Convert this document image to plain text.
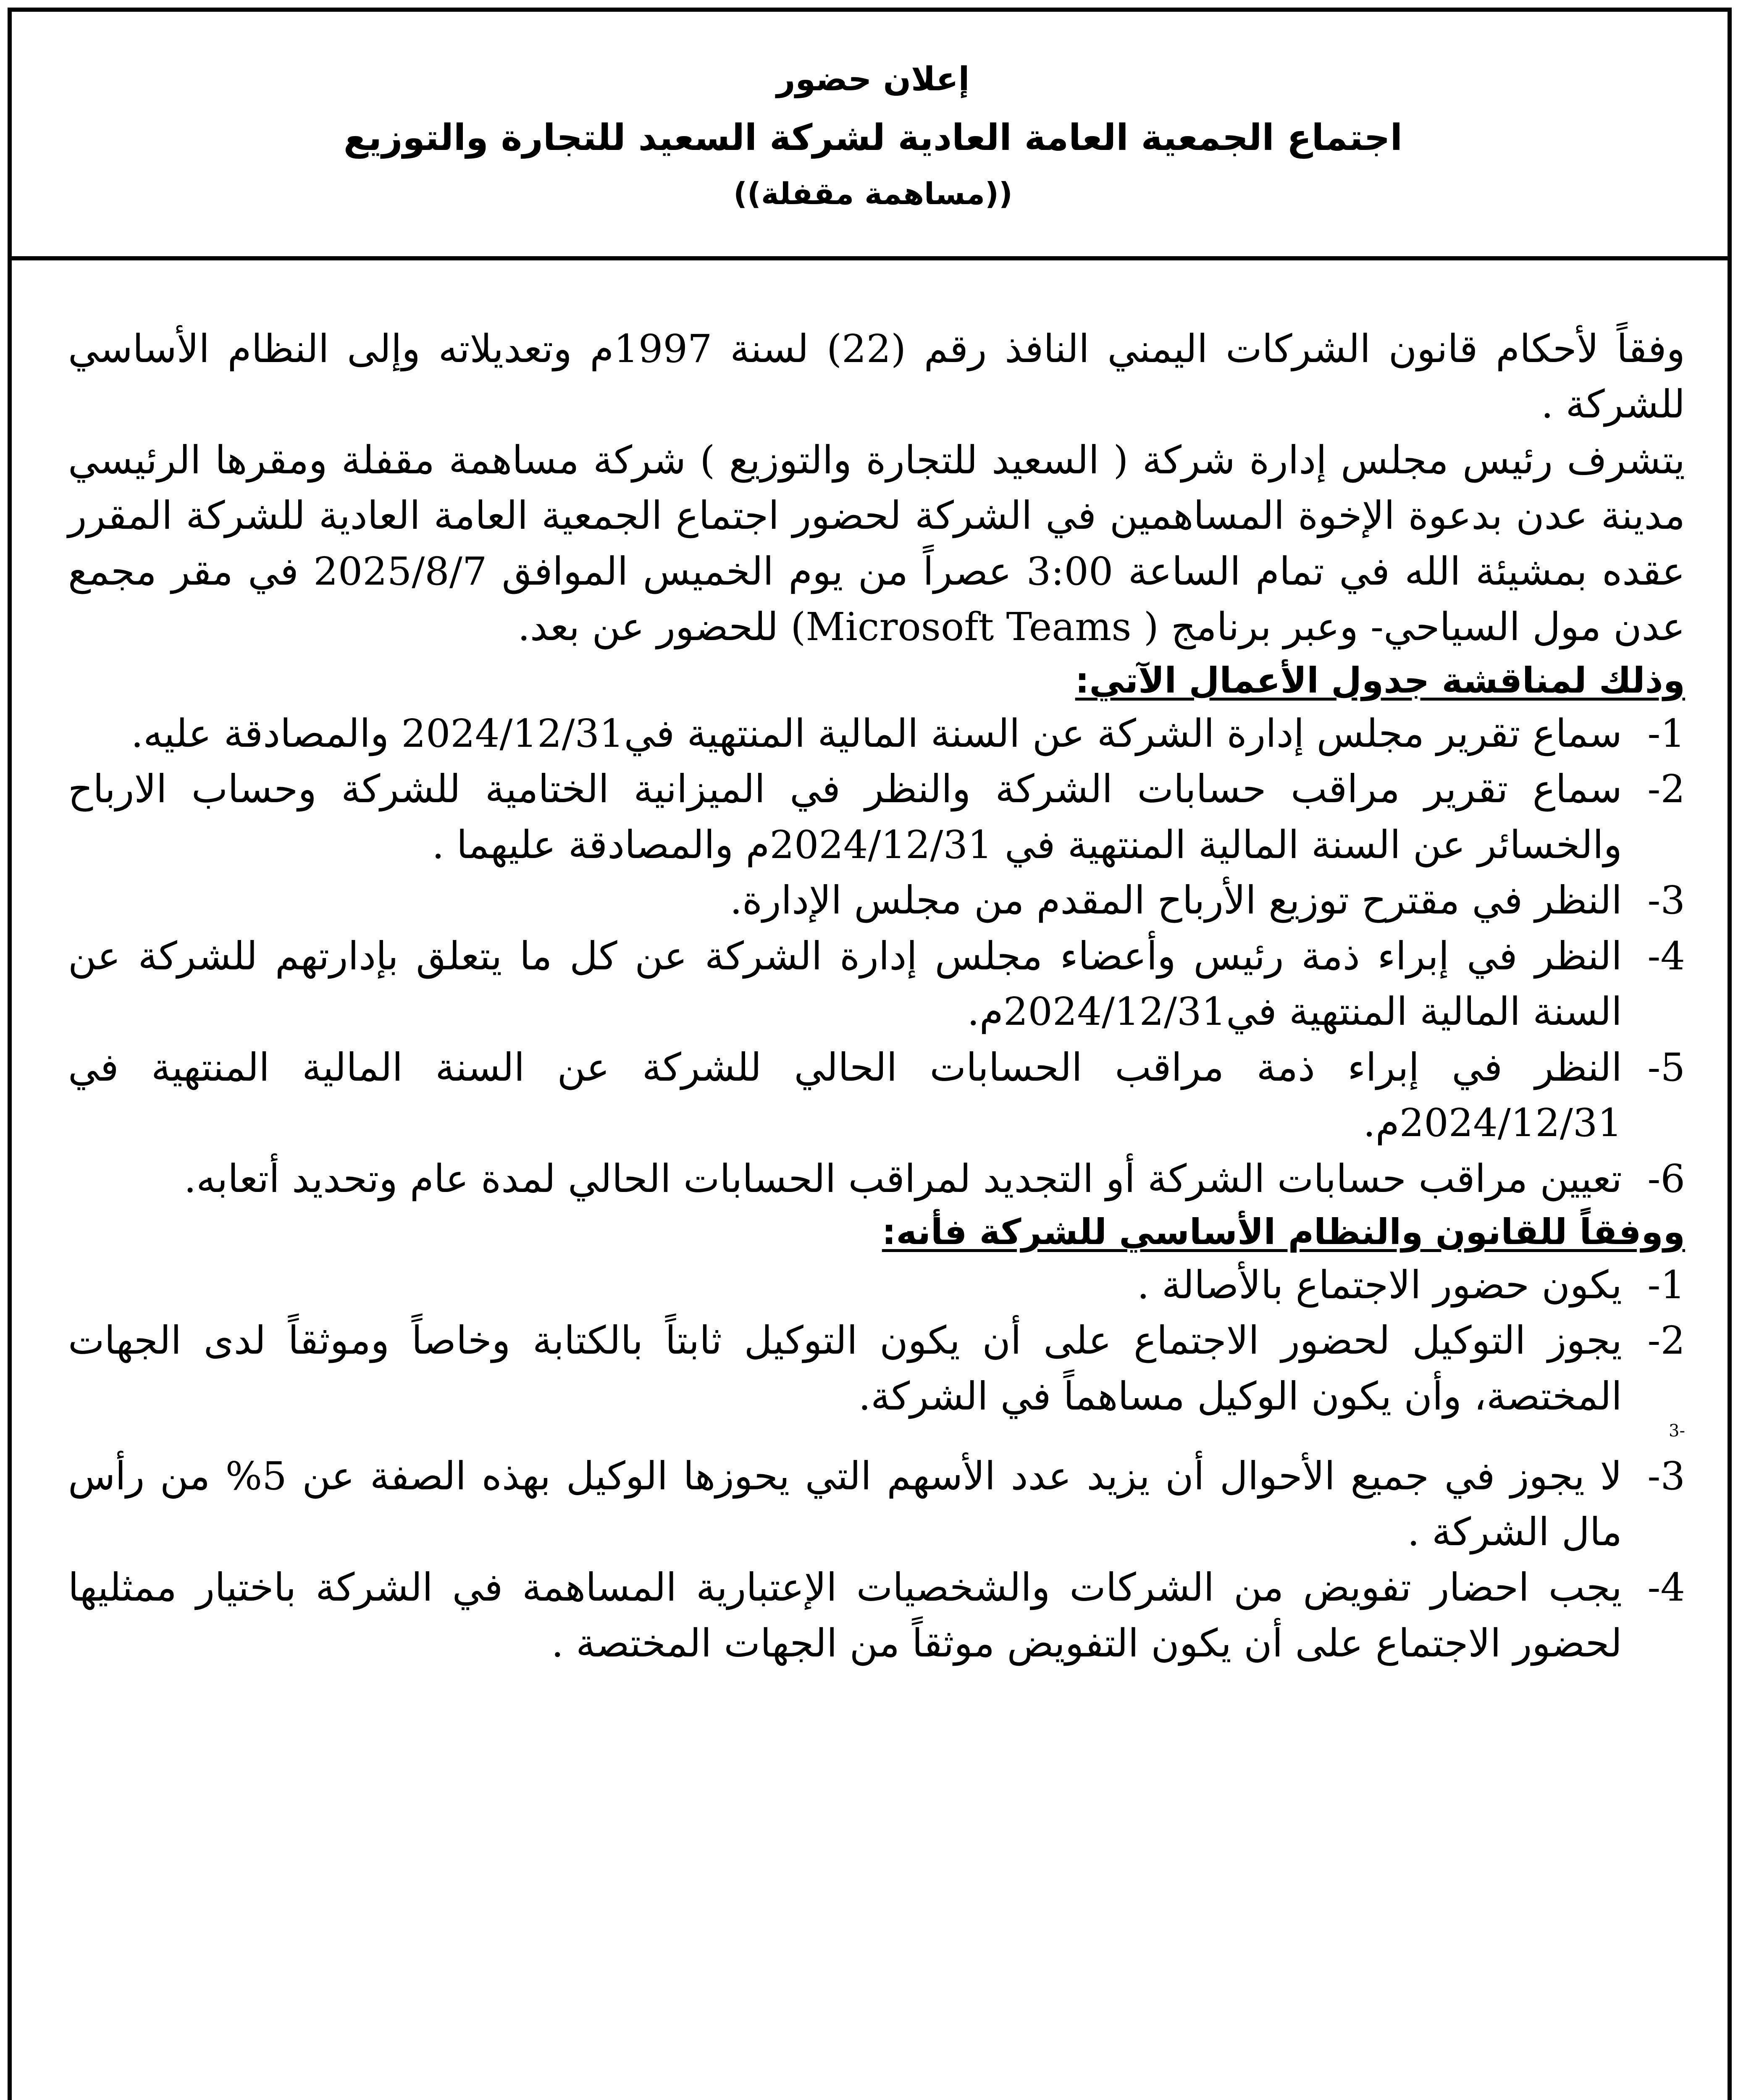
إعلان حضور
اجتماع الجمعية العامة العادية لشركة السعيد للتجارة والتوزيع
((مساهمة مقفلة))

وفقاً لأحكام قانون الشركات اليمني النافذ رقم (22) لسنة 1997م وتعديلاته وإلى النظام الأساسي للشركة .

يتشرف رئيس مجلس إدارة شركة ( السعيد للتجارة والتوزيع ) شركة مساهمة مقفلة ومقرها الرئيسي مدينة عدن بدعوة الإخوة المساهمين في الشركة لحضور اجتماع الجمعية العامة العادية للشركة المقرر عقده بمشيئة الله في تمام الساعة 3:00 عصراً من يوم الخميس الموافق 2025/8/7 في مقر مجمع عدن مول السياحي- وعبر برنامج ( Microsoft Teams) للحضور عن بعد.

وذلك لمناقشة جدول الأعمال الآتي:
-1
سماع تقرير مجلس إدارة الشركة عن السنة المالية المنتهية في2024/12/31 والمصادقة عليه.
-2
سماع تقرير مراقب حسابات الشركة والنظر في الميزانية الختامية للشركة وحساب الارباح والخسائر عن السنة المالية المنتهية في 2024/12/31م والمصادقة عليهما .
-3
النظر في مقترح توزيع الأرباح المقدم من مجلس الإدارة.
-4
النظر في إبراء ذمة رئيس وأعضاء مجلس إدارة الشركة عن كل ما يتعلق بإدارتهم للشركة عن السنة المالية المنتهية في2024/12/31م.
-5
النظر في إبراء ذمة مراقب الحسابات الحالي للشركة عن السنة المالية المنتهية في 2024/12/31م.
-6
تعيين مراقب حسابات الشركة أو التجديد لمراقب الحسابات الحالي لمدة عام وتحديد أتعابه.
ووفقاً للقانون والنظام الأساسي للشركة فأنه:
-1
يكون حضور الاجتماع بالأصالة .
-2
يجوز التوكيل لحضور الاجتماع على أن يكون التوكيل ثابتاً بالكتابة وخاصاً وموثقاً لدى الجهات المختصة، وأن يكون الوكيل مساهماً في الشركة.
-3
-3
لا يجوز في جميع الأحوال أن يزيد عدد الأسهم التي يحوزها الوكيل بهذه الصفة عن 5% من رأس مال الشركة .
-4
يجب احضار تفويض من الشركات والشخصيات الإعتبارية المساهمة في الشركة باختيار ممثليها لحضور الاجتماع على أن يكون التفويض موثقاً من الجهات المختصة .
